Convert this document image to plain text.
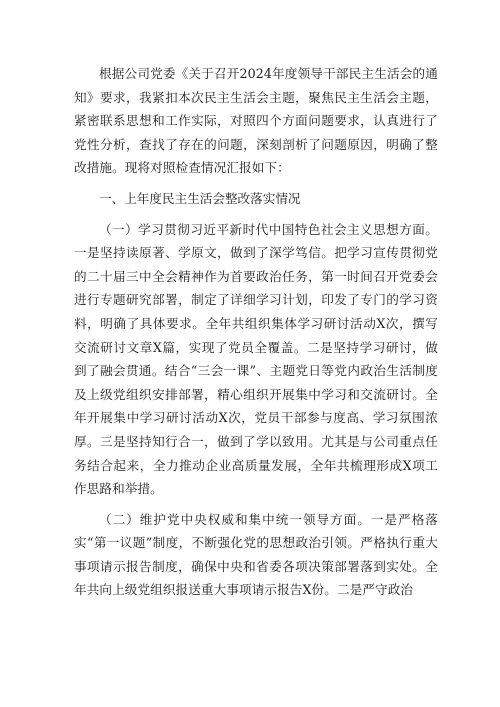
根据公司党委《关于召开2024年度领导干部民主生活会的通知》要求，我紧扣本次民主生活会主题，聚焦民主生活会主题，紧密联系思想和工作实际，对照四个方面问题要求，认真进行了党性分析，查找了存在的问题，深刻剖析了问题原因，明确了整改措施。现将对照检查情况汇报如下：

一、上年度民主生活会整改落实情况

（一）学习贯彻习近平新时代中国特色社会主义思想方面。一是坚持读原著、学原文，做到了深学笃信。把学习宣传贯彻党的二十届三中全会精神作为首要政治任务，第一时间召开党委会进行专题研究部署，制定了详细学习计划，印发了专门的学习资料，明确了具体要求。全年共组织集体学习研讨活动X次，撰写交流研讨文章X篇，实现了党员全覆盖。二是坚持学习研讨，做到了融会贯通。结合“三会一课”、主题党日等党内政治生活制度及上级党组织安排部署，精心组织开展集中学习和交流研讨。全年开展集中学习研讨活动X次，党员干部参与度高、学习氛围浓厚。三是坚持知行合一，做到了学以致用。尤其是与公司重点任务结合起来，全力推动企业高质量发展，全年共梳理形成X项工作思路和举措。

（二）维护党中央权威和集中统一领导方面。一是严格落实“第一议题”制度，不断强化党的思想政治引领。严格执行重大事项请示报告制度，确保中央和省委各项决策部署落到实处。全年共向上级党组织报送重大事项请示报告X份。二是严守政治
